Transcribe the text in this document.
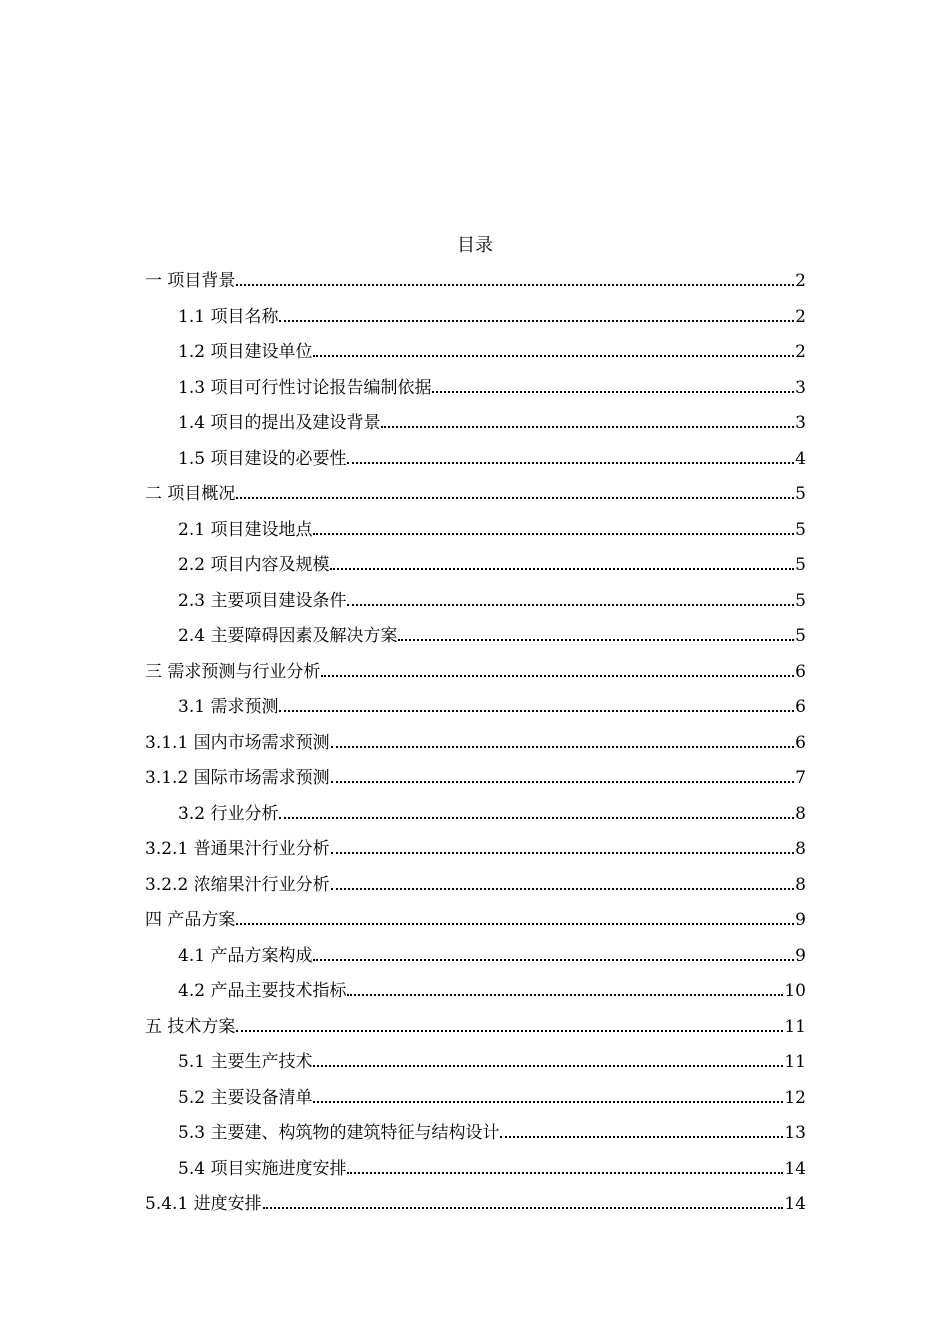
目录
一 项目背景	2
1.1 项目名称	2
1.2 项目建设单位	2
1.3 项目可行性讨论报告编制依据	3
1.4 项目的提出及建设背景	3
1.5 项目建设的必要性	4
二 项目概况	5
2.1 项目建设地点	5
2.2 项目内容及规模	5
2.3 主要项目建设条件	5
2.4 主要障碍因素及解决方案	5
三 需求预测与行业分析	6
3.1 需求预测	6
3.1.1 国内市场需求预测	6
3.1.2 国际市场需求预测	7
3.2 行业分析	8
3.2.1 普通果汁行业分析	8
3.2.2 浓缩果汁行业分析	8
四 产品方案	9
4.1 产品方案构成	9
4.2 产品主要技术指标	10
五 技术方案	11
5.1 主要生产技术	11
5.2 主要设备清单	12
5.3 主要建、构筑物的建筑特征与结构设计	13
5.4 项目实施进度安排	14
5.4.1 进度安排	14
